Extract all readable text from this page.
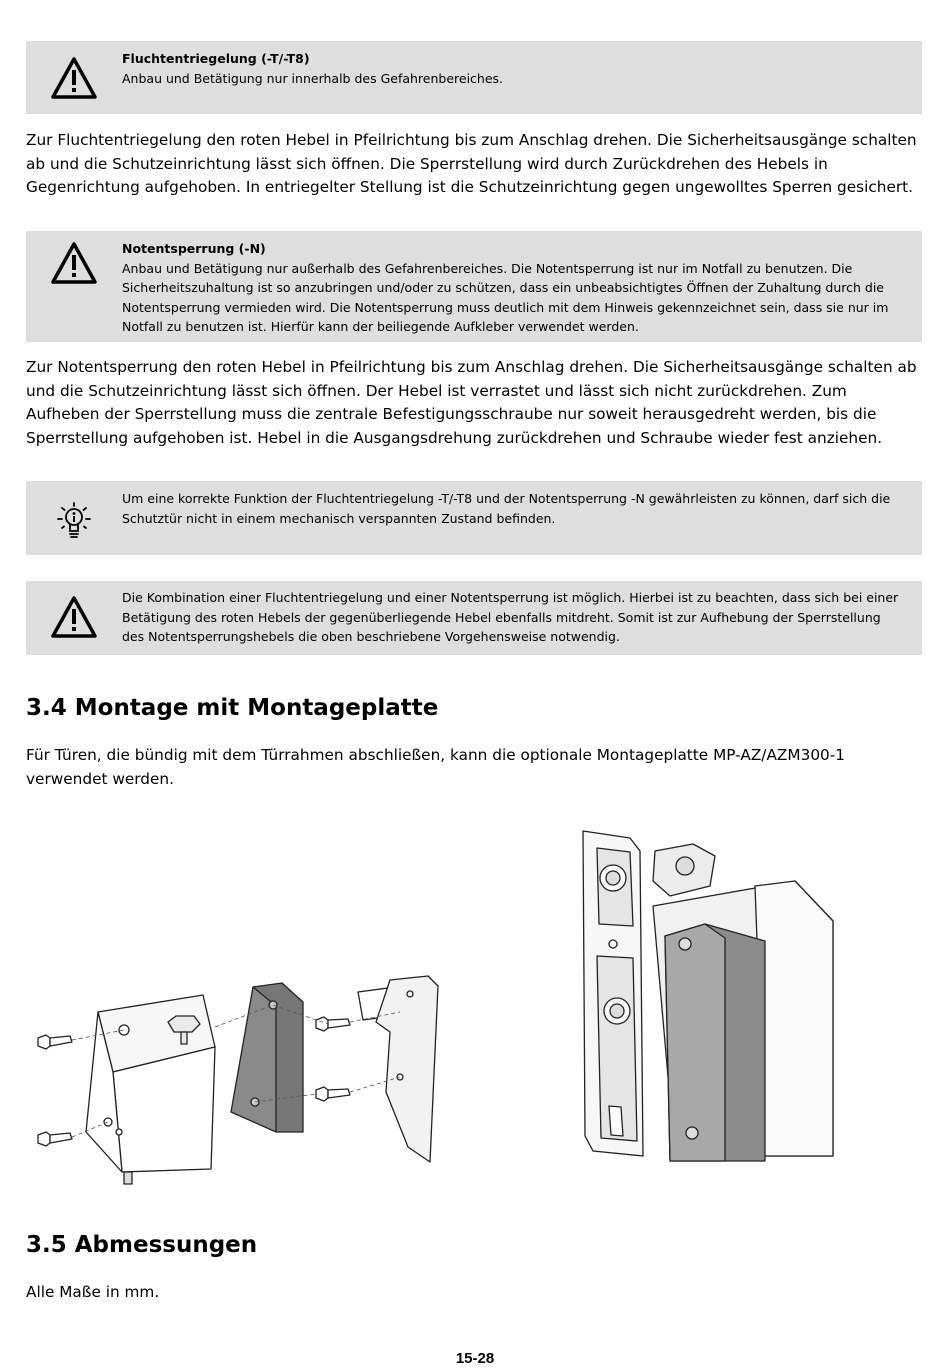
Fluchtentriegelung (-T/-T8)
Anbau und Betätigung nur innerhalb des Gefahrenbereiches.
Zur Fluchtentriegelung den roten Hebel in Pfeilrichtung bis zum Anschlag drehen. Die Sicherheitsausgänge schalten
ab und die Schutzeinrichtung lässt sich öffnen. Die Sperrstellung wird durch Zurückdrehen des Hebels in
Gegenrichtung aufgehoben. In entriegelter Stellung ist die Schutzeinrichtung gegen ungewolltes Sperren gesichert.
Notentsperrung (-N)
Anbau und Betätigung nur außerhalb des Gefahrenbereiches. Die Notentsperrung ist nur im Notfall zu benutzen. Die
Sicherheitszuhaltung ist so anzubringen und/oder zu schützen, dass ein unbeabsichtigtes Öffnen der Zuhaltung durch die
Notentsperrung vermieden wird. Die Notentsperrung muss deutlich mit dem Hinweis gekennzeichnet sein, dass sie nur im
Notfall zu benutzen ist. Hierfür kann der beiliegende Aufkleber verwendet werden.
Zur Notentsperrung den roten Hebel in Pfeilrichtung bis zum Anschlag drehen. Die Sicherheitsausgänge schalten ab
und die Schutzeinrichtung lässt sich öffnen. Der Hebel ist verrastet und lässt sich nicht zurückdrehen. Zum
Aufheben der Sperrstellung muss die zentrale Befestigungsschraube nur soweit herausgedreht werden, bis die
Sperrstellung aufgehoben ist. Hebel in die Ausgangsdrehung zurückdrehen und Schraube wieder fest anziehen.
Um eine korrekte Funktion der Fluchtentriegelung -T/-T8 und der Notentsperrung -N gewährleisten zu können, darf sich die
Schutztür nicht in einem mechanisch verspannten Zustand befinden.
Die Kombination einer Fluchtentriegelung und einer Notentsperrung ist möglich. Hierbei ist zu beachten, dass sich bei einer
Betätigung des roten Hebels der gegenüberliegende Hebel ebenfalls mitdreht. Somit ist zur Aufhebung der Sperrstellung
des Notentsperrungshebels die oben beschriebene Vorgehensweise notwendig.
3.4 Montage mit Montageplatte
Für Türen, die bündig mit dem Türrahmen abschließen, kann die optionale Montageplatte MP-AZ/AZM300-1
verwendet werden.
3.5 Abmessungen
Alle Maße in mm.
15-28
